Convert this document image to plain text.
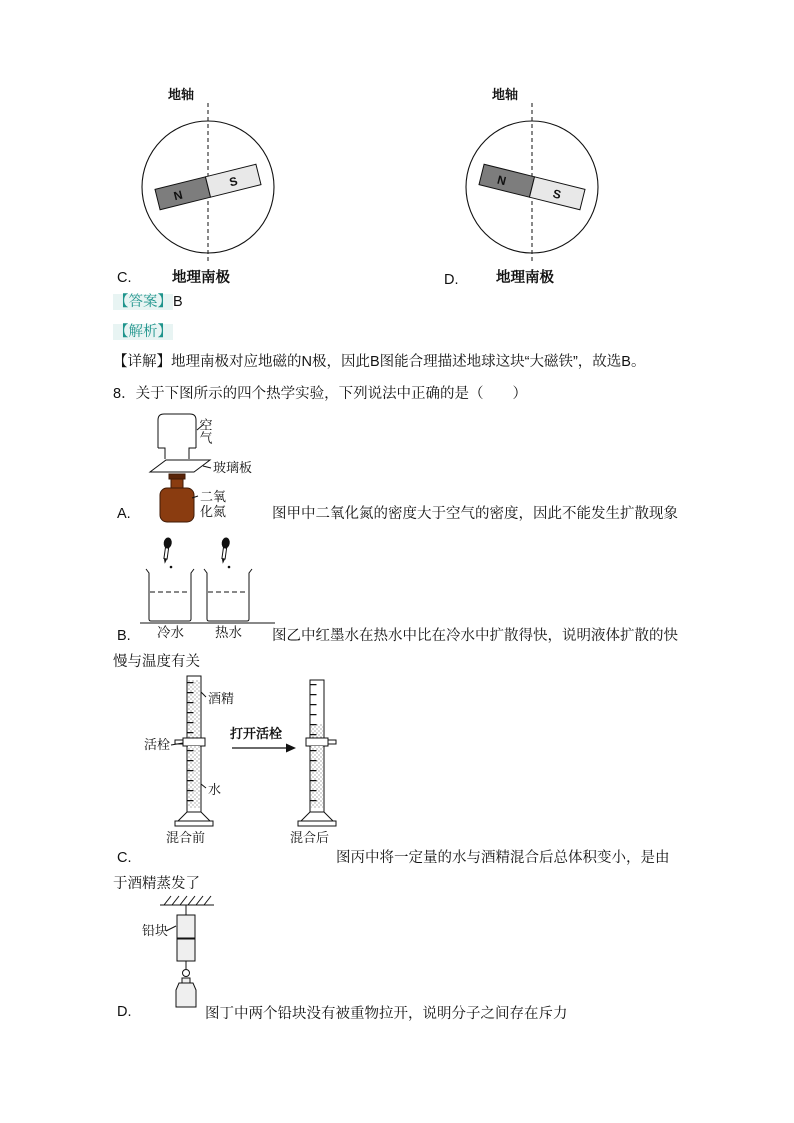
地轴
N
S
C.	地理南极
地轴
N
S
D.	地理南极
【答案】B
【解析】
【详解】地理南极对应地磁的N极，因此B图能合理描述地球这块“大磁铁”，故选B。
8．关于下图所示的四个热学实验，下列说法中正确的是（　　）
空气
玻璃板
二氧
化氮
A.	图甲中二氧化氮的密度大于空气的密度，因此不能发生扩散现象
冷水 热水
B.	图乙中红墨水在热水中比在冷水中扩散得快，说明液体扩散的快
慢与温度有关
酒精
活栓
水
混合前
打开活栓
混合后
C.	图丙中将一定量的水与酒精混合后总体积变小，是由
于酒精蒸发了
铅块
D.	图丁中两个铅块没有被重物拉开，说明分子之间存在斥力
